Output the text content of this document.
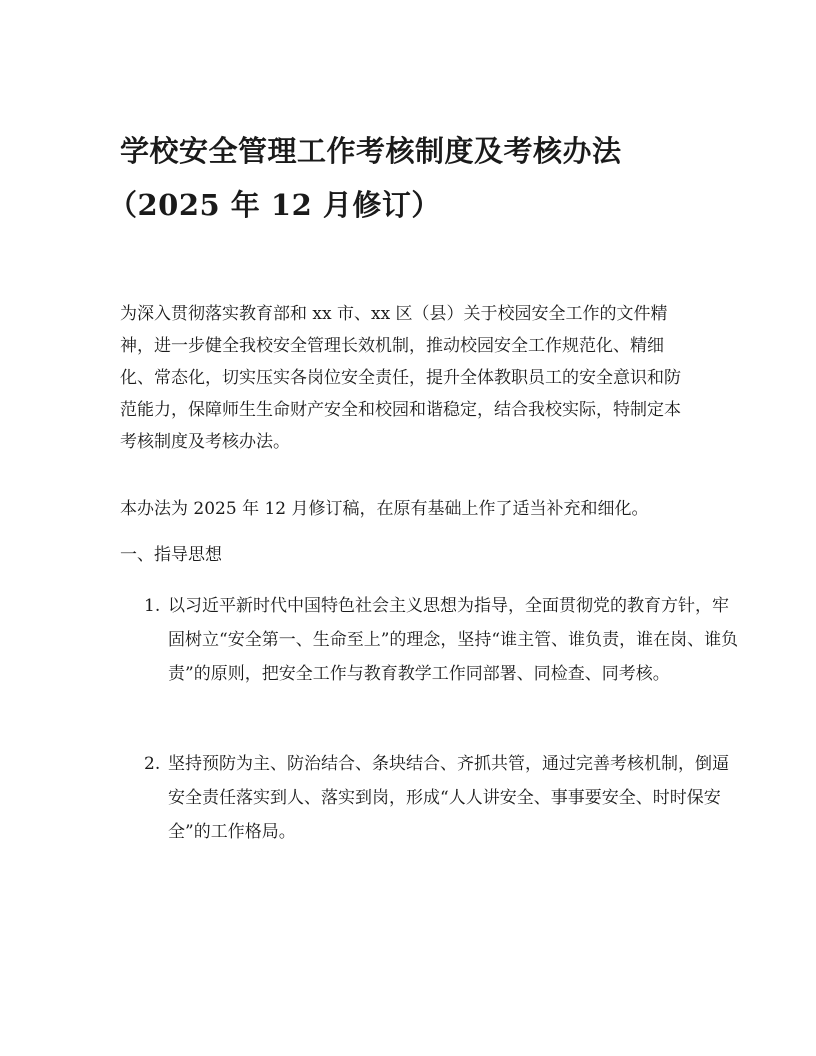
学校安全管理工作考核制度及考核办法
（2025 年 12 月修订）

为深入贯彻落实教育部和 xx 市、xx 区（县）关于校园安全工作的文件精神，进一步健全我校安全管理长效机制，推动校园安全工作规范化、精细化、常态化，切实压实各岗位安全责任，提升全体教职员工的安全意识和防范能力，保障师生生命财产安全和校园和谐稳定，结合我校实际，特制定本考核制度及考核办法。

本办法为 2025 年 12 月修订稿，在原有基础上作了适当补充和细化。

一、指导思想

1. 以习近平新时代中国特色社会主义思想为指导，全面贯彻党的教育方针，牢固树立“安全第一、生命至上”的理念，坚持“谁主管、谁负责，谁在岗、谁负责”的原则，把安全工作与教育教学工作同部署、同检查、同考核。
2. 坚持预防为主、防治结合、条块结合、齐抓共管，通过完善考核机制，倒逼安全责任落实到人、落实到岗，形成“人人讲安全、事事要安全、时时保安全”的工作格局。
